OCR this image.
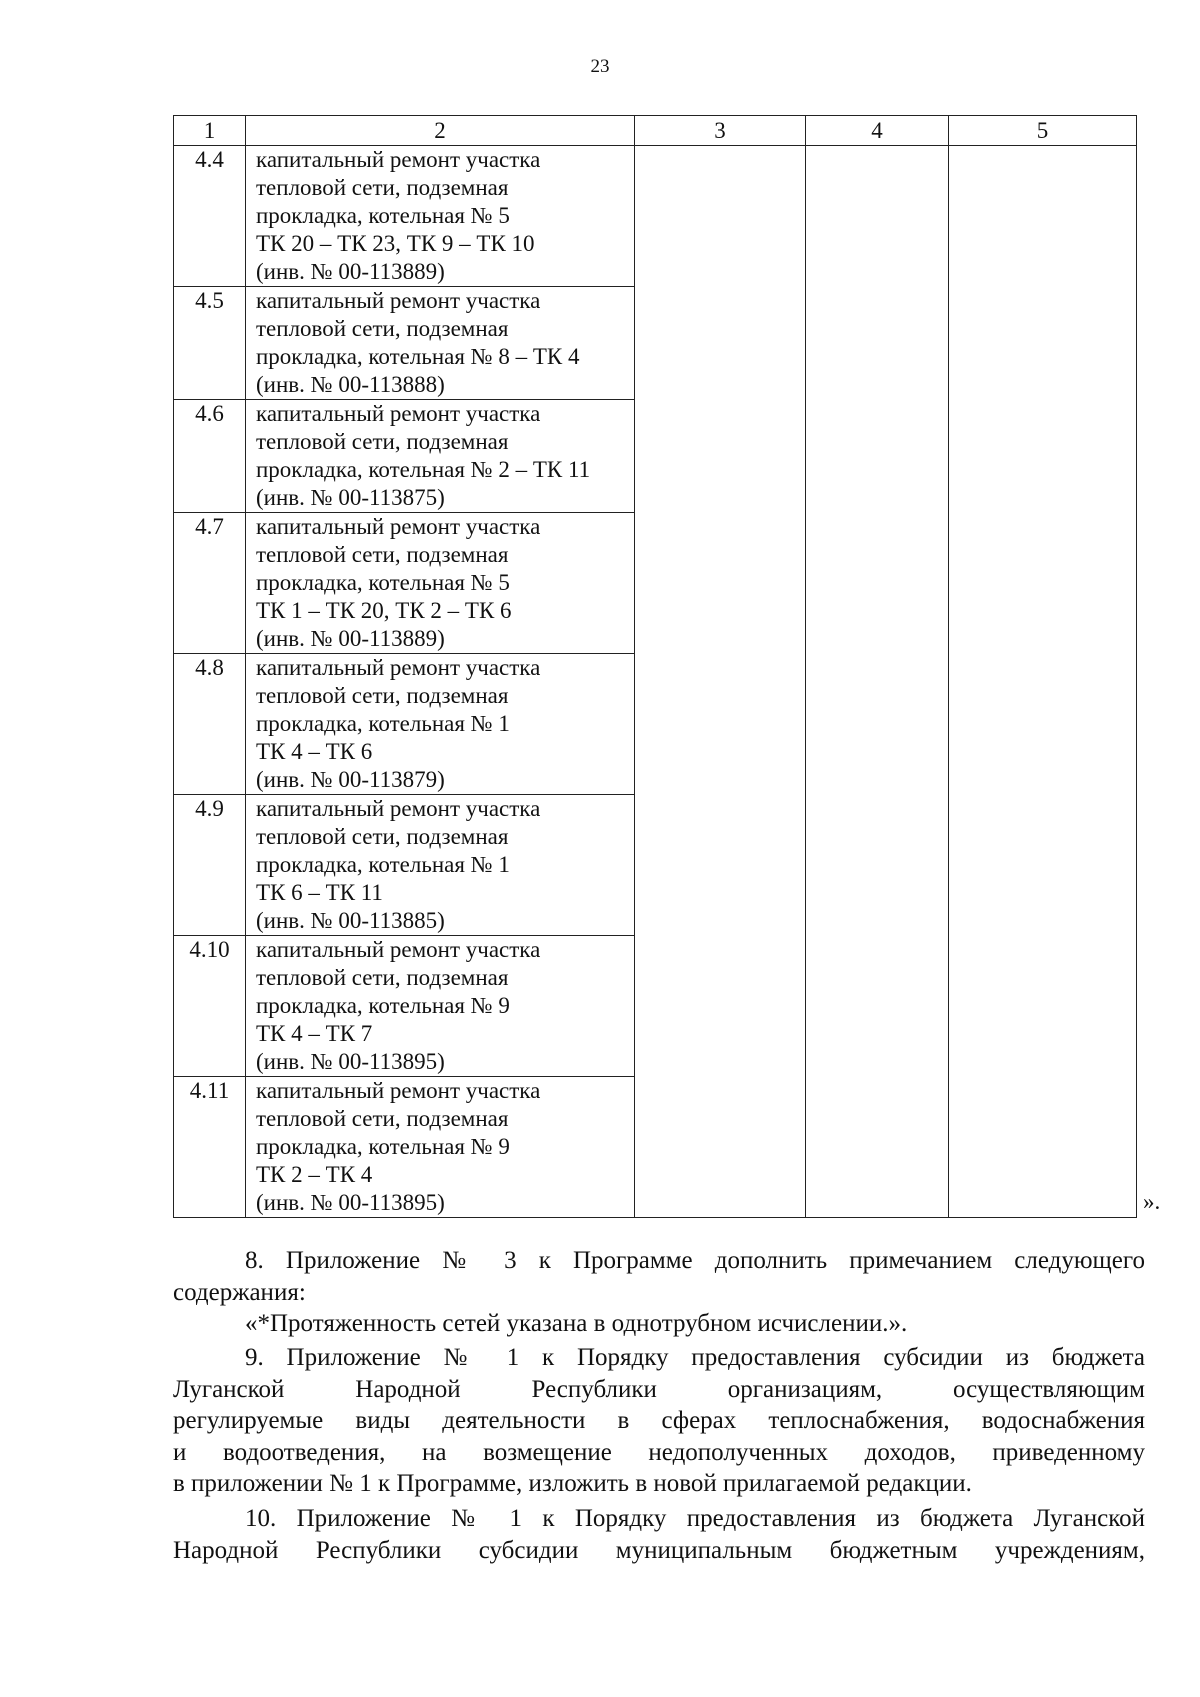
23
1	2	3	4	5
4.4	капитальный ремонт участка
тепловой сети, подземная
прокладка, котельная № 5
ТК 20 – ТК 23, ТК 9 – ТК 10
(инв. № 00-113889)			

4.5	капитальный ремонт участка
тепловой сети, подземная
прокладка, котельная № 8 – ТК 4
(инв. № 00-113888)			

4.6	капитальный ремонт участка
тепловой сети, подземная
прокладка, котельная № 2 – ТК 11
(инв. № 00-113875)			

4.7	капитальный ремонт участка
тепловой сети, подземная
прокладка, котельная № 5
ТК 1 – ТК 20, ТК 2 – ТК 6
(инв. № 00-113889)			

4.8	капитальный ремонт участка
тепловой сети, подземная
прокладка, котельная № 1
ТК 4 – ТК 6
(инв. № 00-113879)			

4.9	капитальный ремонт участка
тепловой сети, подземная
прокладка, котельная № 1
ТК 6 – ТК 11
(инв. № 00-113885)			

4.10	капитальный ремонт участка
тепловой сети, подземная
прокладка, котельная № 9
ТК 4 – ТК 7
(инв. № 00-113895)			

4.11	капитальный ремонт участка
тепловой сети, подземная
прокладка, котельная № 9
ТК 2 – ТК 4
(инв. № 00-113895)				».
8. Приложение № 3 к Программе дополнить примечанием следующего
содержания:
«*Протяженность сетей указана в однотрубном исчислении.».
9. Приложение № 1 к Порядку предоставления субсидии из бюджета
Луганской Народной Республики организациям, осуществляющим
регулируемые виды деятельности в сферах теплоснабжения, водоснабжения
и водоотведения, на возмещение недополученных доходов, приведенному
в приложении № 1 к Программе, изложить в новой прилагаемой редакции.
10. Приложение № 1 к Порядку предоставления из бюджета Луганской
Народной Республики субсидии муниципальным бюджетным учреждениям,
